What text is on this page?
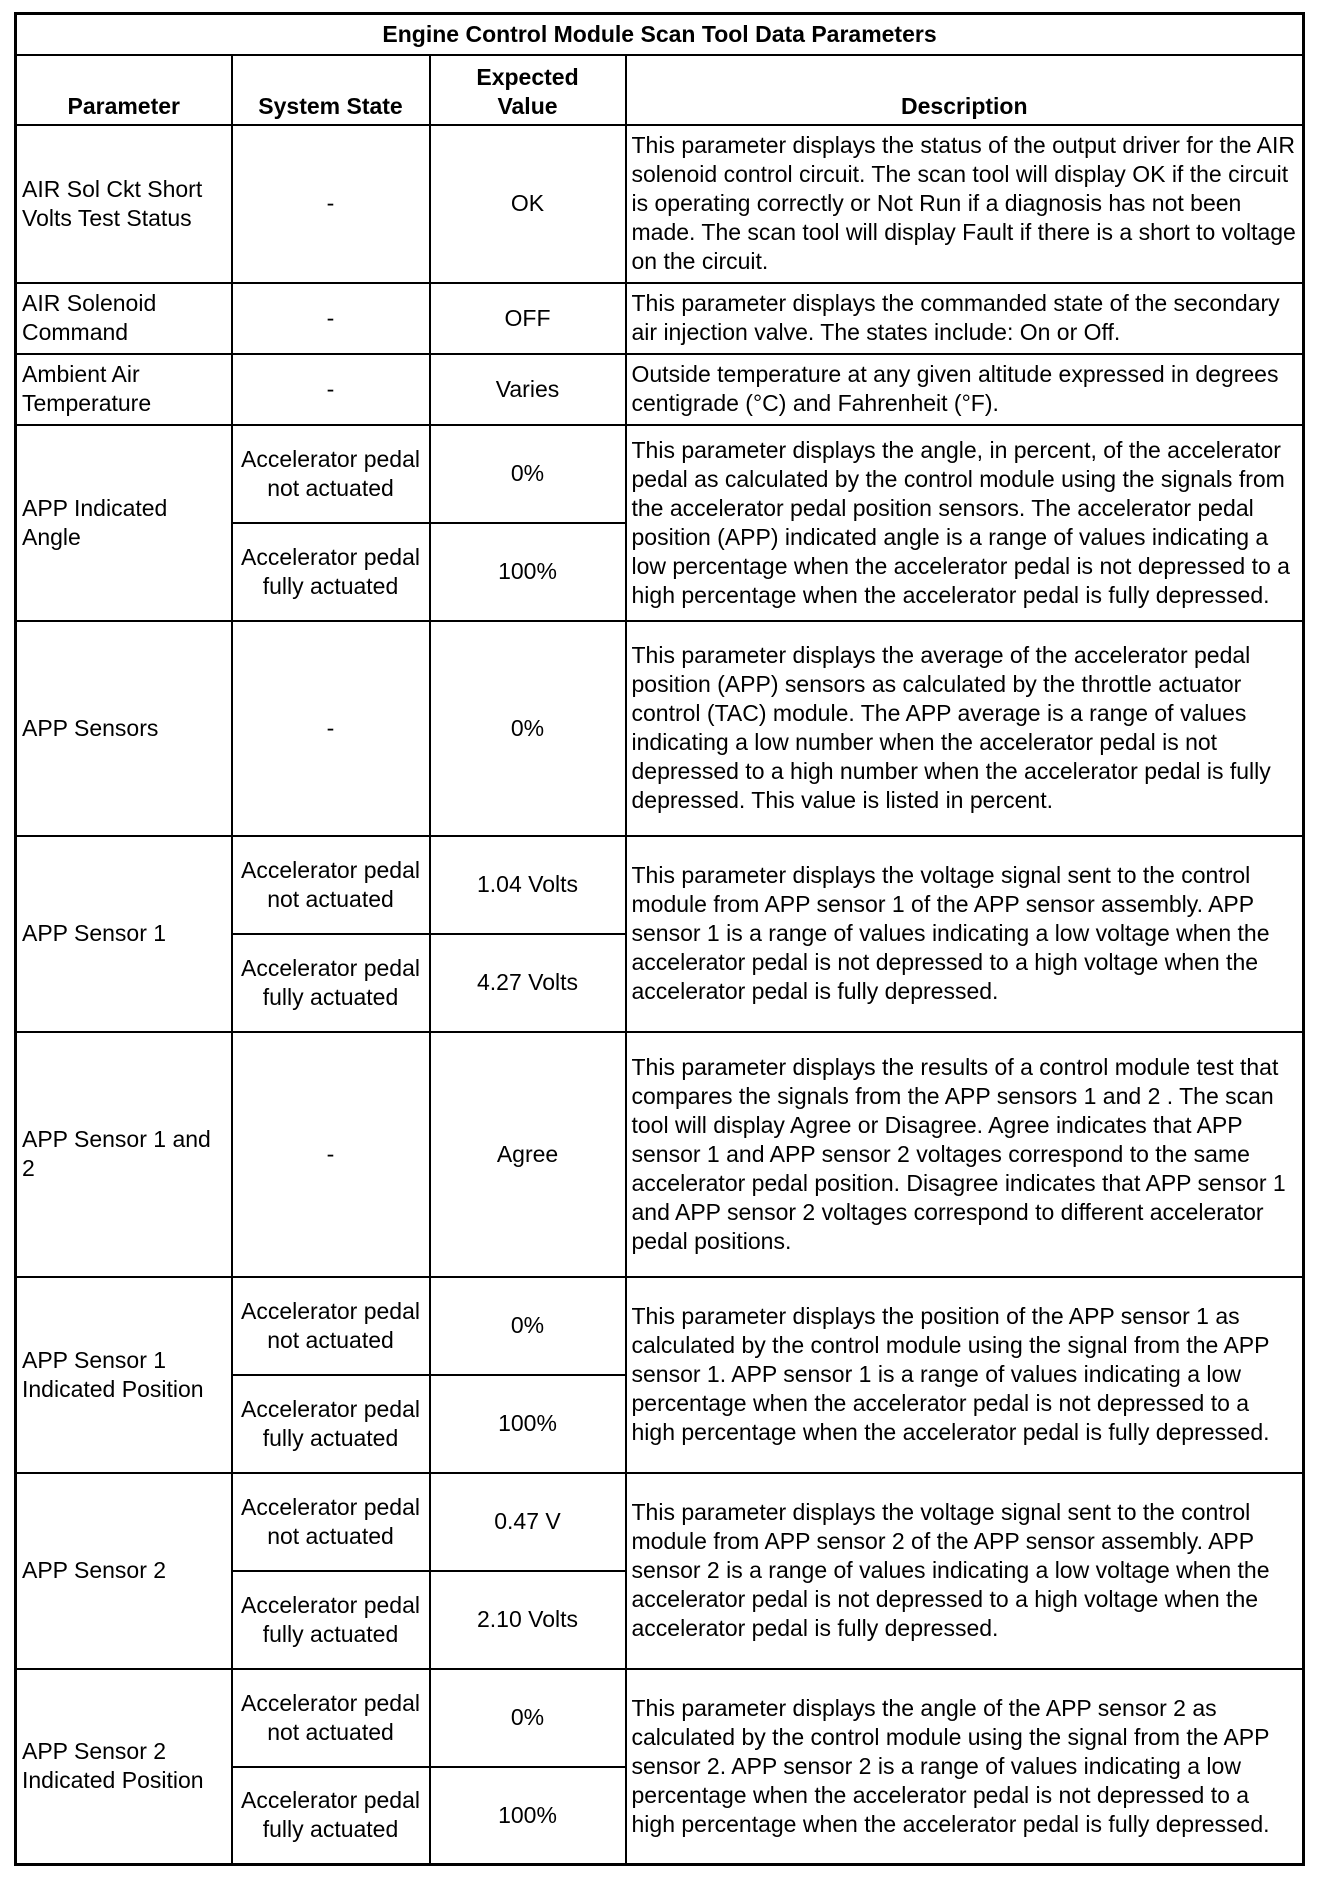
Engine Control Module Scan Tool Data Parameters			
Parameter	System State	Expected Value	Description
AIR Sol Ckt Short Volts Test Status	-	OK	This parameter displays the status of the output driver for the AIR solenoid control circuit. The scan tool will display OK if the circuit is operating correctly or Not Run if a diagnosis has not been made. The scan tool will display Fault if there is a short to voltage on the circuit.
AIR Solenoid Command	-	OFF	This parameter displays the commanded state of the secondary air injection valve. The states include: On or Off.
Ambient Air Temperature	-	Varies	Outside temperature at any given altitude expressed in degrees centigrade (°C) and Fahrenheit (°F).
APP Indicated Angle	Accelerator pedal not actuated	0%	This parameter displays the angle, in percent, of the accelerator pedal as calculated by the control module using the signals from the accelerator pedal position sensors. The accelerator pedal position (APP) indicated angle is a range of values indicating a low percentage when the accelerator pedal is not depressed to a high percentage when the accelerator pedal is fully depressed.
	Accelerator pedal fully actuated	100%	
APP Sensors	-	0%	This parameter displays the average of the accelerator pedal position (APP) sensors as calculated by the throttle actuator control (TAC) module. The APP average is a range of values indicating a low number when the accelerator pedal is not depressed to a high number when the accelerator pedal is fully depressed. This value is listed in percent.
APP Sensor 1	Accelerator pedal not actuated	1.04 Volts	This parameter displays the voltage signal sent to the control module from APP sensor 1 of the APP sensor assembly. APP sensor 1 is a range of values indicating a low voltage when the accelerator pedal is not depressed to a high voltage when the accelerator pedal is fully depressed.
	Accelerator pedal fully actuated	4.27 Volts	
APP Sensor 1 and 2	-	Agree	This parameter displays the results of a control module test that compares the signals from the APP sensors 1 and 2 . The scan tool will display Agree or Disagree. Agree indicates that APP sensor 1 and APP sensor 2 voltages correspond to the same accelerator pedal position. Disagree indicates that APP sensor 1 and APP sensor 2 voltages correspond to different accelerator pedal positions.
APP Sensor 1 Indicated Position	Accelerator pedal not actuated	0%	This parameter displays the position of the APP sensor 1 as calculated by the control module using the signal from the APP sensor 1. APP sensor 1 is a range of values indicating a low percentage when the accelerator pedal is not depressed to a high percentage when the accelerator pedal is fully depressed.
	Accelerator pedal fully actuated	100%	
APP Sensor 2	Accelerator pedal not actuated	0.47 V	This parameter displays the voltage signal sent to the control module from APP sensor 2 of the APP sensor assembly. APP sensor 2 is a range of values indicating a low voltage when the accelerator pedal is not depressed to a high voltage when the accelerator pedal is fully depressed.
	Accelerator pedal fully actuated	2.10 Volts	
APP Sensor 2 Indicated Position	Accelerator pedal not actuated	0%	This parameter displays the angle of the APP sensor 2 as calculated by the control module using the signal from the APP sensor 2. APP sensor 2 is a range of values indicating a low percentage when the accelerator pedal is not depressed to a high percentage when the accelerator pedal is fully depressed.
	Accelerator pedal fully actuated	100%	
